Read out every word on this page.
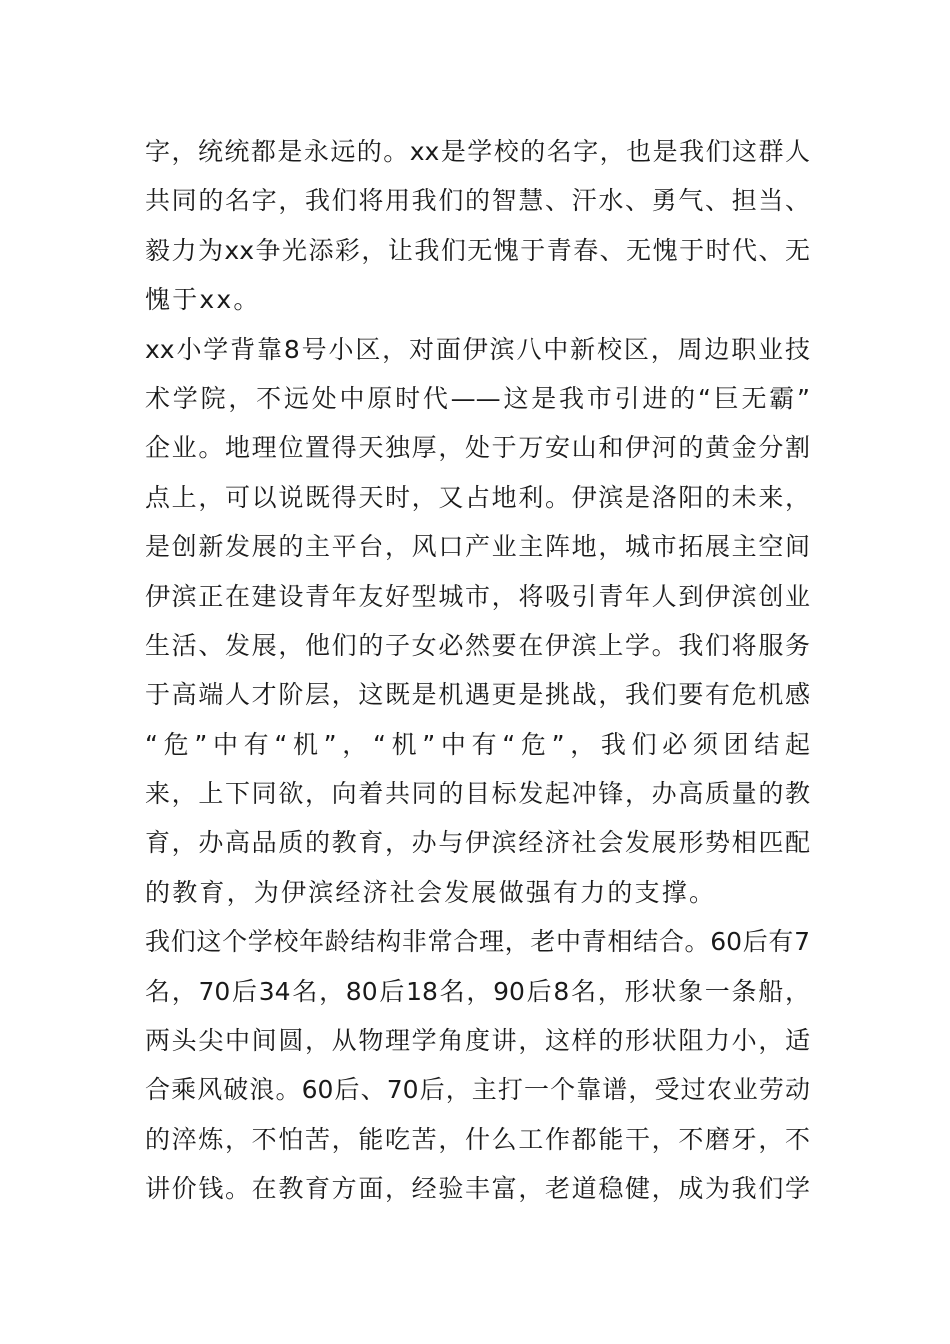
字，统统都是永远的。xx是学校的名字，也是我们这群人
共同的名字，我们将用我们的智慧、汗水、勇气、担当、
毅力为xx争光添彩，让我们无愧于青春、无愧于时代、无
愧于xx。
xx小学背靠8号小区，对面伊滨八中新校区，周边职业技
术学院，不远处中原时代——这是我市引进的“巨无霸”
企业。地理位置得天独厚，处于万安山和伊河的黄金分割
点上，可以说既得天时，又占地利。伊滨是洛阳的未来，
是创新发展的主平台，风口产业主阵地，城市拓展主空间
伊滨正在建设青年友好型城市，将吸引青年人到伊滨创业
生活、发展，他们的子女必然要在伊滨上学。我们将服务
于高端人才阶层，这既是机遇更是挑战，我们要有危机感
“危”中有“机”，“机”中有“危”，我们必须团结起
来，上下同欲，向着共同的目标发起冲锋，办高质量的教
育，办高品质的教育，办与伊滨经济社会发展形势相匹配
的教育，为伊滨经济社会发展做强有力的支撑。
我们这个学校年龄结构非常合理，老中青相结合。60后有7
名，70后34名，80后18名，90后8名，形状象一条船，
两头尖中间圆，从物理学角度讲，这样的形状阻力小，适
合乘风破浪。60后、70后，主打一个靠谱，受过农业劳动
的淬炼，不怕苦，能吃苦，什么工作都能干，不磨牙，不
讲价钱。在教育方面，经验丰富，老道稳健，成为我们学
